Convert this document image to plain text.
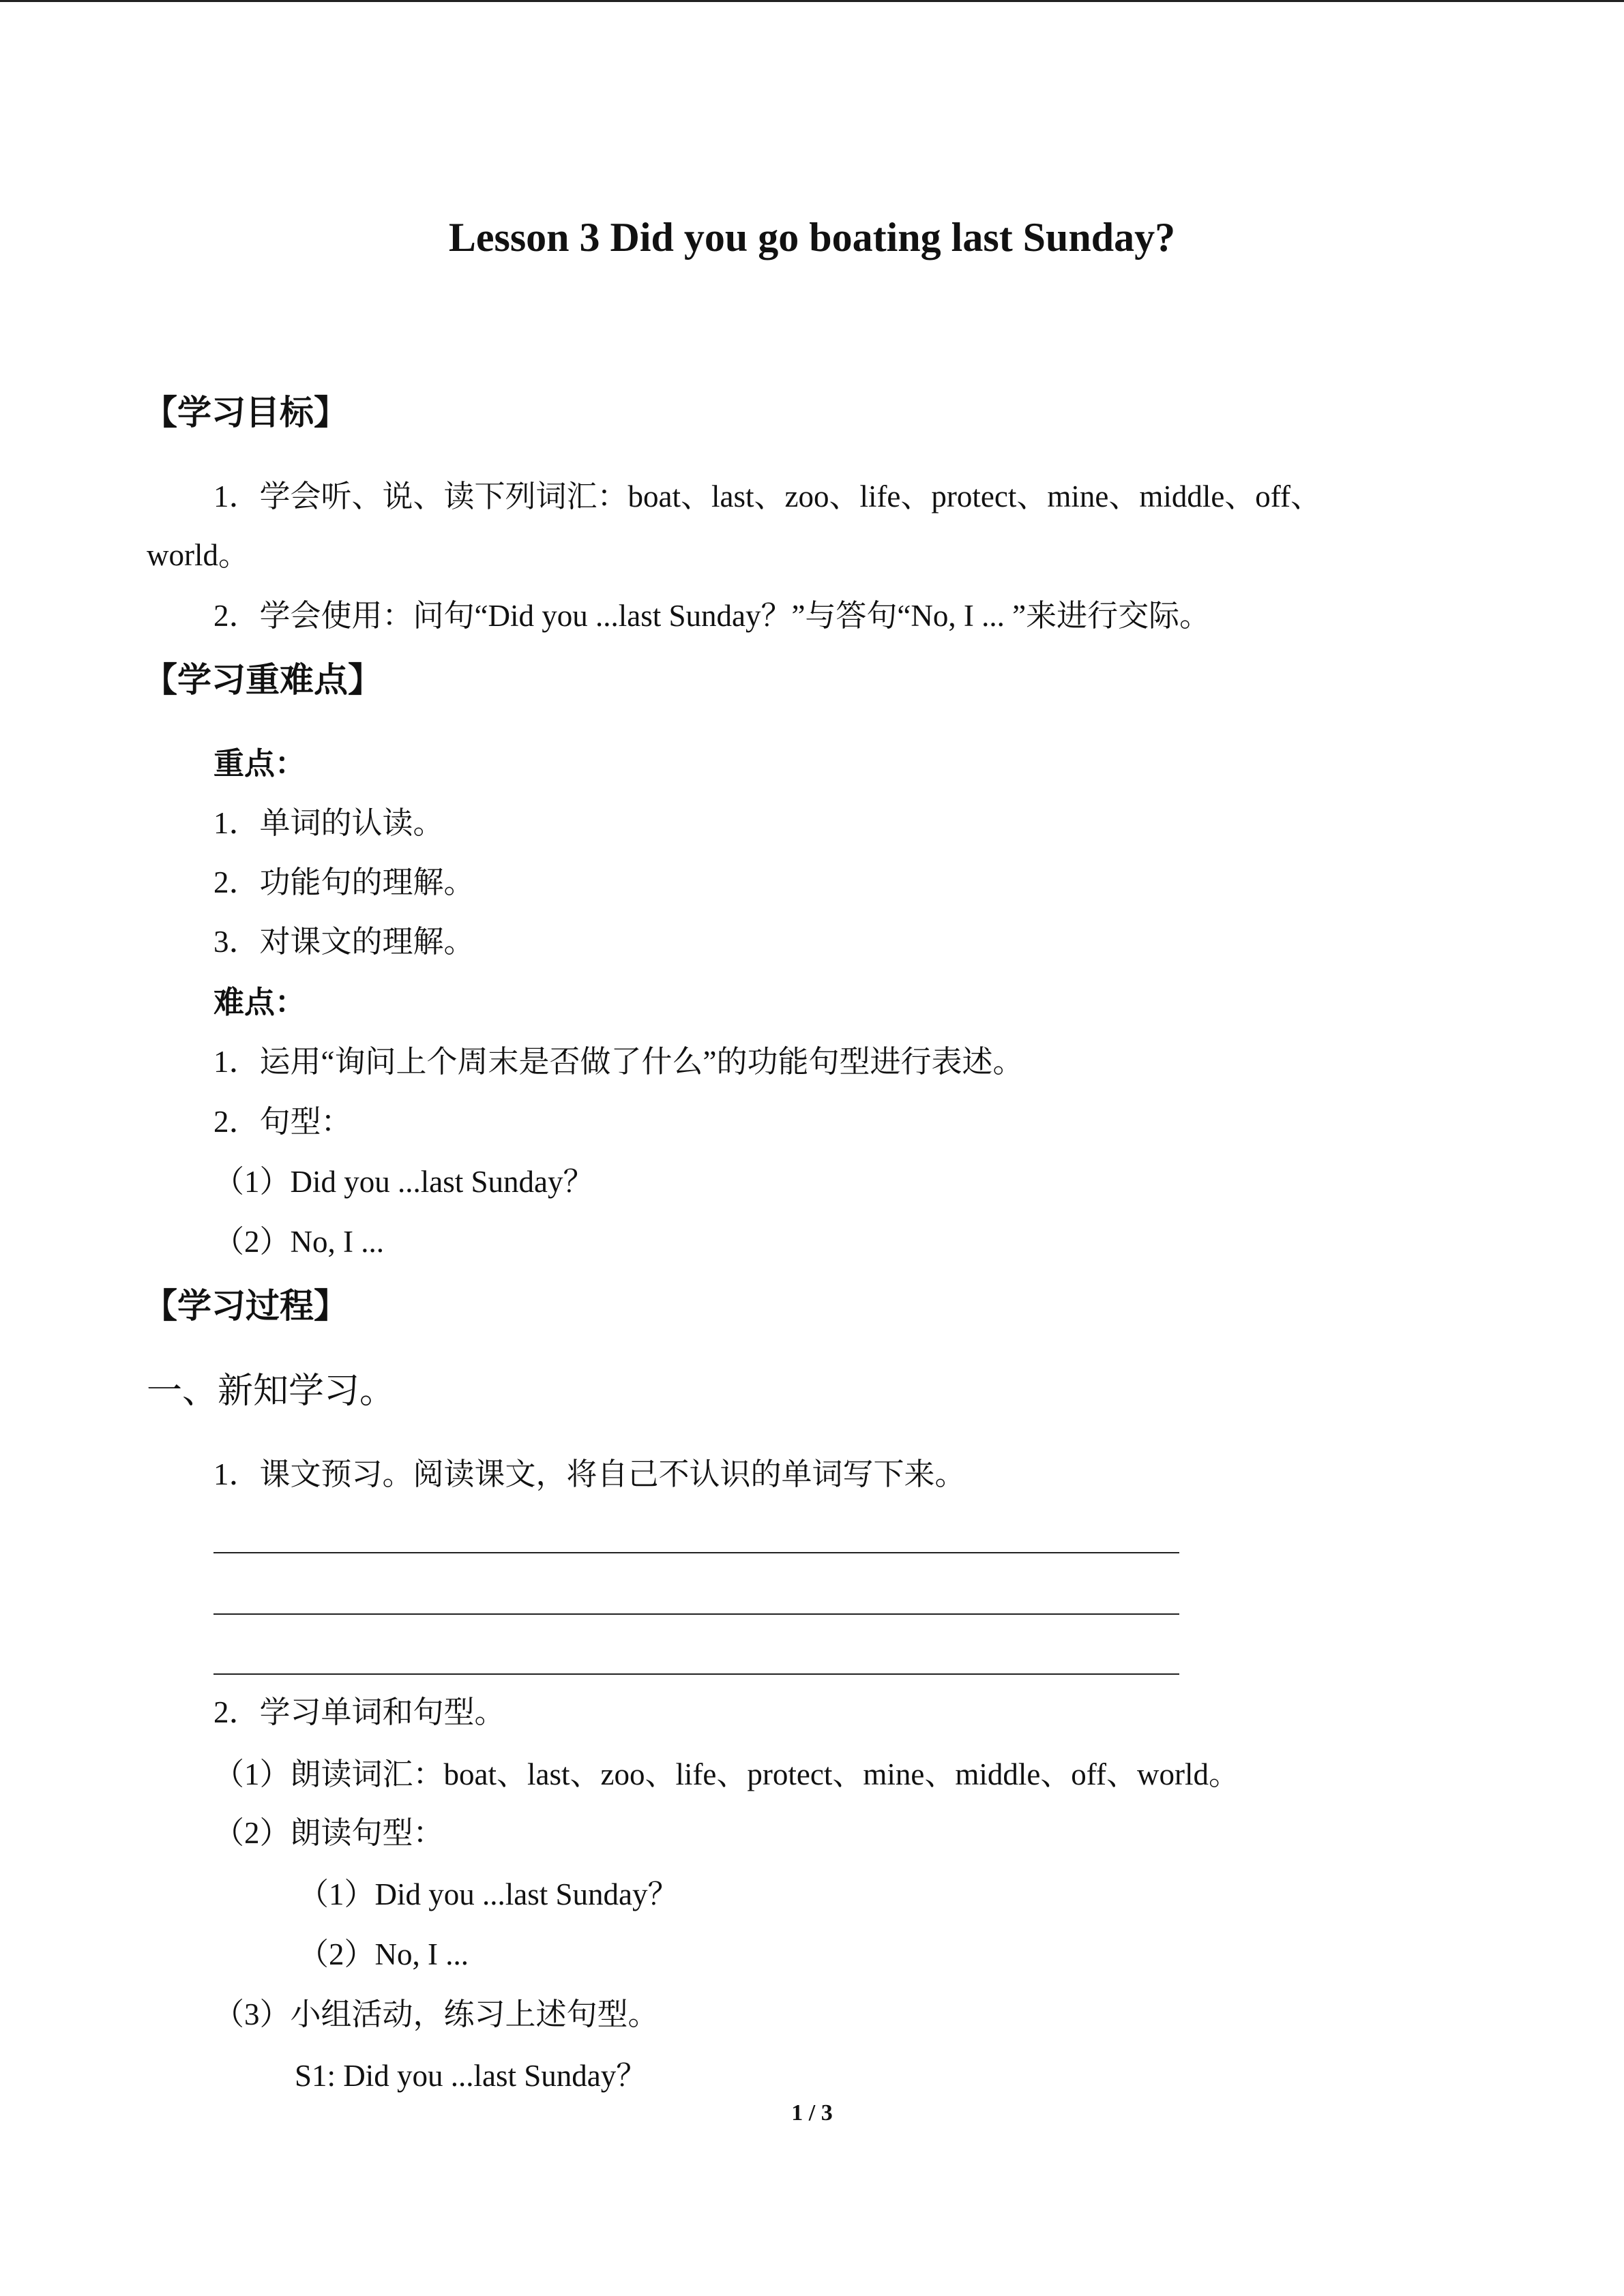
Lesson 3 Did you go boating last Sunday?
【学习目标】
1．学会听、说、读下列词汇：boat、last、zoo、life、protect、mine、middle、off、
world。
2．学会使用：问句“Did you ...last Sunday？”与答句“No, I ... ”来进行交际。
【学习重难点】
重点：
1．单词的认读。
2．功能句的理解。
3．对课文的理解。
难点：
1．运用“询问上个周末是否做了什么”的功能句型进行表述。
2．句型：
（1）Did you ...last Sunday？
（2）No, I ...
【学习过程】
一、新知学习。
1．课文预习。阅读课文，将自己不认识的单词写下来。
2．学习单词和句型。
（1）朗读词汇：boat、last、zoo、life、protect、mine、middle、off、world。
（2）朗读句型：
（1）Did you ...last Sunday？
（2）No, I ...
（3）小组活动，练习上述句型。
S1: Did you ...last Sunday？
1 / 3
